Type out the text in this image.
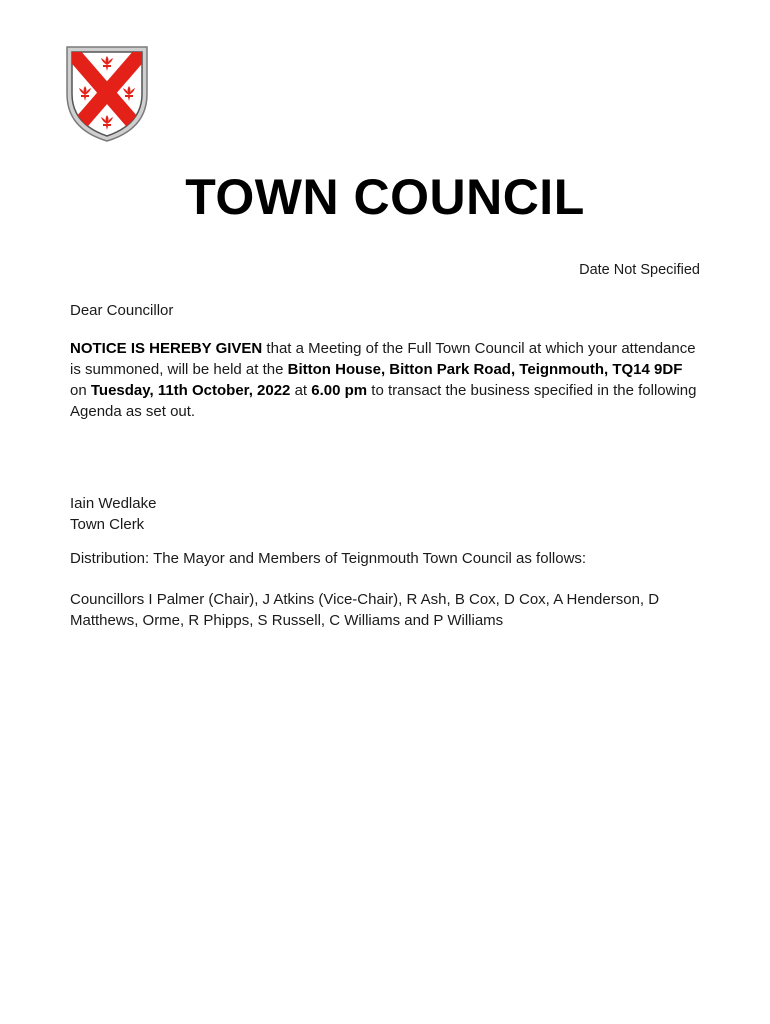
TOWN COUNCIL
Date Not Specified
Dear Councillor
NOTICE IS HEREBY GIVEN that a Meeting of the Full Town Council at which your attendance is summoned, will be held at the Bitton House, Bitton Park Road, Teignmouth, TQ14 9DF on Tuesday, 11th October, 2022 at 6.00 pm to transact the business specified in the following Agenda as set out.
Iain Wedlake
Town Clerk
Distribution: The Mayor and Members of Teignmouth Town Council as follows:
Councillors I Palmer (Chair), J Atkins (Vice-Chair), R Ash, B Cox, D Cox, A Henderson, D Matthews, Orme, R Phipps, S Russell, C Williams and P Williams
